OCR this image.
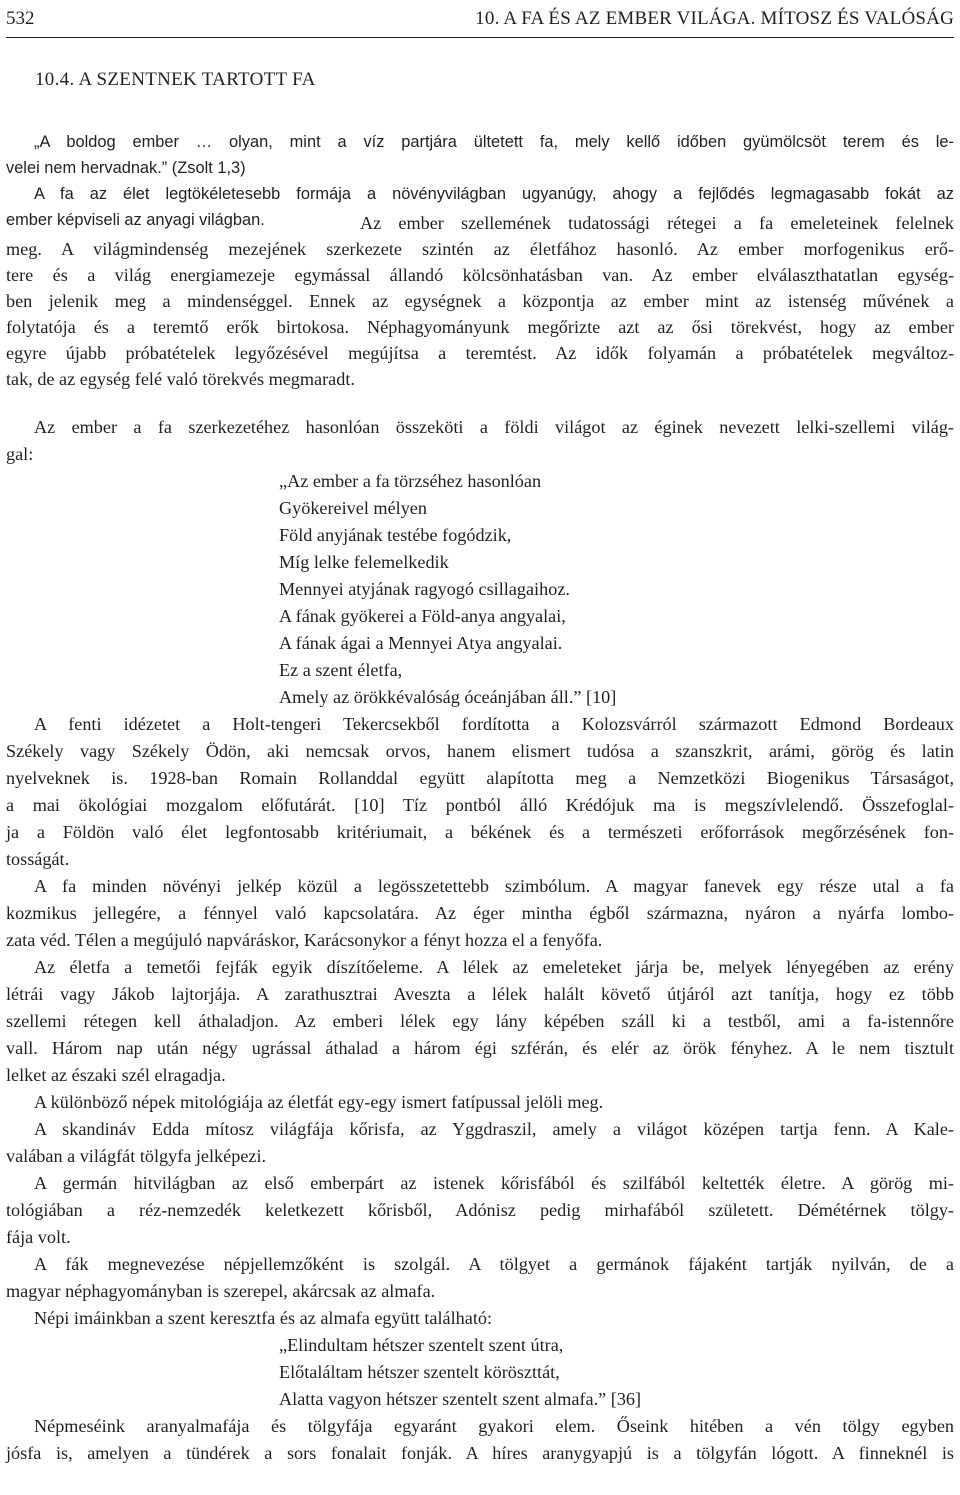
532	10. A FA ÉS AZ EMBER VILÁGA. MÍTOSZ ÉS VALÓSÁG
10.4. A SZENTNEK TARTOTT FA
„A boldog ember … olyan, mint a víz partjára ültetett fa, mely kellő időben gyümölcsöt terem és le-
velei nem hervadnak.” (Zsolt 1,3)
A fa az élet legtökéletesebb formája a növényvilágban ugyanúgy, ahogy a fejlődés legmagasabb fokát az
ember képviseli az anyagi világban.	Az ember szellemének tudatossági rétegei a fa emeleteinek felelnek
meg. A világmindenség mezejének szerkezete szintén az életfához hasonló. Az ember morfogenikus erő-
tere és a világ energiamezeje egymással állandó kölcsönhatásban van. Az ember elválaszthatatlan egység-
ben jelenik meg a mindenséggel. Ennek az egységnek a központja az ember mint az istenség művének a
folytatója és a teremtő erők birtokosa. Néphagyományunk megőrizte azt az ősi törekvést, hogy az ember
egyre újabb próbatételek legyőzésével megújítsa a teremtést. Az idők folyamán a próbatételek megváltoz-
tak, de az egység felé való törekvés megmaradt.
Az ember a fa szerkezetéhez hasonlóan összeköti a földi világot az éginek nevezett lelki-szellemi világ-
gal:
„Az ember a fa törzséhez hasonlóan
Gyökereivel mélyen
Föld anyjának testébe fogódzik,
Míg lelke felemelkedik
Mennyei atyjának ragyogó csillagaihoz.
A fának gyökerei a Föld-anya angyalai,
A fának ágai a Mennyei Atya angyalai.
Ez a szent életfa,
Amely az örökkévalóság óceánjában áll.” [10]
A fenti idézetet a Holt-tengeri Tekercsekből fordította a Kolozsvárról származott Edmond Bordeaux
Székely vagy Székely Ödön, aki nemcsak orvos, hanem elismert tudósa a szanszkrit, arámi, görög és latin
nyelveknek is. 1928-ban Romain Rollanddal együtt alapította meg a Nemzetközi Biogenikus Társaságot,
a mai ökológiai mozgalom előfutárát. [10] Tíz pontból álló Krédójuk ma is megszívlelendő. Összefoglal-
ja a Földön való élet legfontosabb kritériumait, a békének és a természeti erőforrások megőrzésének fon-
tosságát.
A fa minden növényi jelkép közül a legösszetettebb szimbólum. A magyar fanevek egy része utal a fa
kozmikus jellegére, a fénnyel való kapcsolatára. Az éger mintha égből származna, nyáron a nyárfa lombo-
zata véd. Télen a megújuló napváráskor, Karácsonykor a fényt hozza el a fenyőfa.
Az életfa a temetői fejfák egyik díszítőeleme. A lélek az emeleteket járja be, melyek lényegében az erény
létrái vagy Jákob lajtorjája. A zarathusztrai Aveszta a lélek halált követő útjáról azt tanítja, hogy ez több
szellemi rétegen kell áthaladjon. Az emberi lélek egy lány képében száll ki a testből, ami a fa-istennőre
vall. Három nap után négy ugrással áthalad a három égi szférán, és elér az örök fényhez. A le nem tisztult
lelket az északi szél elragadja.
A különböző népek mitológiája az életfát egy-egy ismert fatípussal jelöli meg.
A skandináv Edda mítosz világfája kőrisfa, az Yggdraszil, amely a világot középen tartja fenn. A Kale-
valában a világfát tölgyfa jelképezi.
A germán hitvilágban az első emberpárt az istenek kőrisfából és szilfából keltették életre. A görög mi-
tológiában a réz-nemzedék keletkezett kőrisből, Adónisz pedig mirhafából született. Démétérnek tölgy-
fája volt.
A fák megnevezése népjellemzőként is szolgál. A tölgyet a germánok fájaként tartják nyilván, de a
magyar néphagyományban is szerepel, akárcsak az almafa.
Népi imáinkban a szent keresztfa és az almafa együtt található:
„Elindultam hétszer szentelt szent útra,
Előtaláltam hétszer szentelt köröszttát,
Alatta vagyon hétszer szentelt szent almafa.” [36]
Népmeséink aranyalmafája és tölgyfája egyaránt gyakori elem. Őseink hitében a vén tölgy egyben
jósfa is, amelyen a tündérek a sors fonalait fonják. A híres aranygyapjú is a tölgyfán lógott. A finneknél is
